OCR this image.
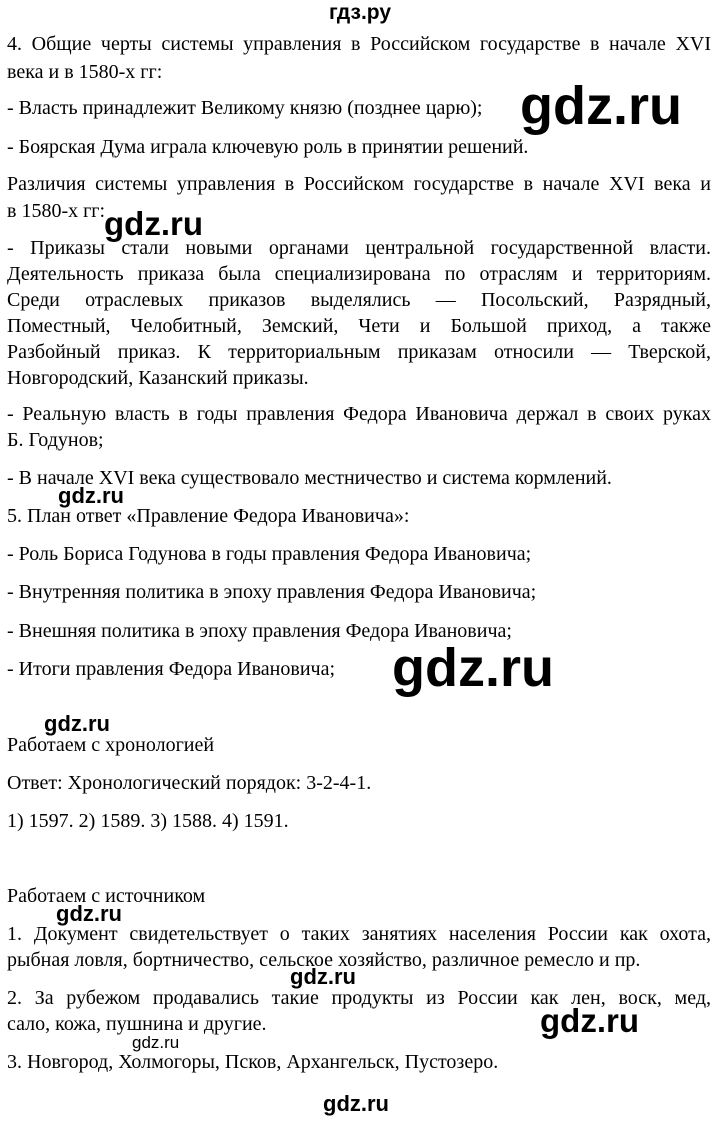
гдз.ру
4. Общие черты системы управления в Российском государстве в начале XVI
века и в 1580-х гг:
- Власть принадлежит Великому князю (позднее царю);
- Боярская Дума играла ключевую роль в принятии решений.
Различия системы управления в Российском государстве в начале XVI века и
в 1580-х гг:
- Приказы стали новыми органами центральной государственной власти.
Деятельность приказа была специализирована по отраслям и территориям.
Среди отраслевых приказов выделялись — Посольский, Разрядный,
Поместный, Челобитный, Земский, Чети и Большой приход, а также
Разбойный приказ. К территориальным приказам относили — Тверской,
Новгородский, Казанский приказы.
- Реальную власть в годы правления Федора Ивановича держал в своих руках
Б. Годунов;
- В начале XVI века существовало местничество и система кормлений.
5. План ответ «Правление Федора Ивановича»:
- Роль Бориса Годунова в годы правления Федора Ивановича;
- Внутренняя политика в эпоху правления Федора Ивановича;
- Внешняя политика в эпоху правления Федора Ивановича;
- Итоги правления Федора Ивановича;
Работаем с хронологией
Ответ: Хронологический порядок: 3-2-4-1.
1) 1597. 2) 1589. 3) 1588. 4) 1591.
Работаем с источником
1. Документ свидетельствует о таких занятиях населения России как охота,
рыбная ловля, бортничество, сельское хозяйство, различное ремесло и пр.
2. За рубежом продавались такие продукты из России как лен, воск, мед,
сало, кожа, пушнина и другие.
3. Новгород, Холмогоры, Псков, Архангельск, Пустозеро.
gdz.ru
gdz.ru
gdz.ru
gdz.ru
gdz.ru
gdz.ru
gdz.ru
gdz.ru
gdz.ru
gdz.ru
